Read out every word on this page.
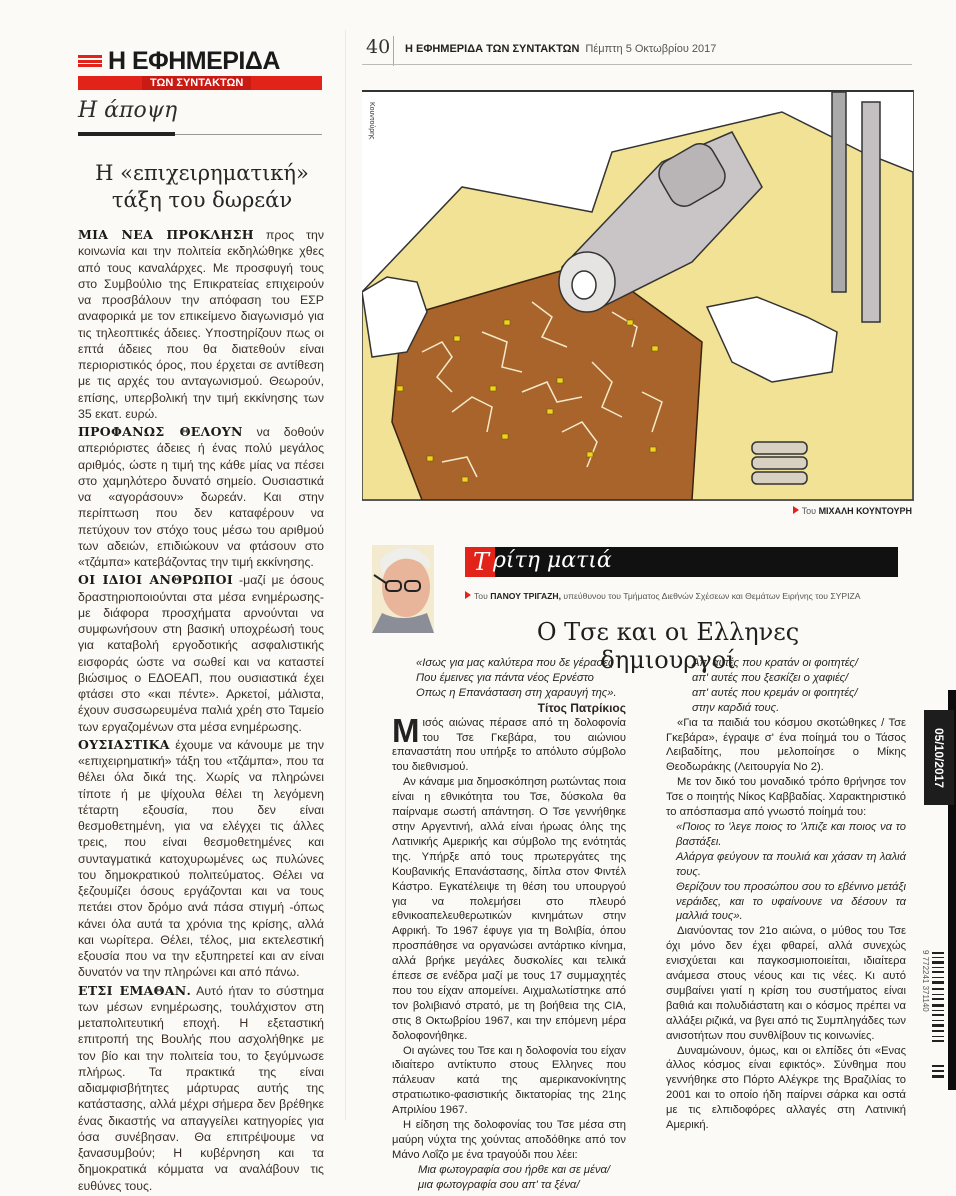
Η ΕΦΗΜΕΡΙΔΑ
ΤΩΝ ΣΥΝΤΑΚΤΩΝ
Η άποψη
Η «επιχειρηματική» τάξη του δωρεάν

ΜΙΑ ΝΕΑ ΠΡΟΚΛΗΣΗ προς την κοινωνία και την πολιτεία εκδηλώθηκε χθες από τους καναλάρχες. Με προσφυγή τους στο Συμβούλιο της Επικρατείας επιχειρούν να προσβάλουν την απόφαση του ΕΣΡ αναφορικά με τον επικείμενο διαγωνισμό για τις τηλεοπτικές άδειες. Υποστηρίζουν πως οι επτά άδειες που θα διατεθούν είναι περιοριστικός όρος, που έρχεται σε αντίθεση με τις αρχές του ανταγωνισμού. Θεωρούν, επίσης, υπερβολική την τιμή εκκίνησης των 35 εκατ. ευρώ.

ΠΡΟΦΑΝΩΣ ΘΕΛΟΥΝ να δοθούν απεριόριστες άδειες ή ένας πολύ μεγάλος αριθμός, ώστε η τιμή της κάθε μίας να πέσει στο χαμηλότερο δυνατό σημείο. Ουσιαστικά να «αγοράσουν» δωρεάν. Και στην περίπτωση που δεν καταφέρουν να πετύχουν τον στόχο τους μέσω του αριθμού των αδειών, επιδιώκουν να φτάσουν στο «τζάμπα» κατεβάζοντας την τιμή εκκίνησης.

ΟΙ ΙΔΙΟΙ ΑΝΘΡΩΠΟΙ -μαζί με όσους δραστηριοποιούνται στα μέσα ενημέρωσης- με διάφορα προσχήματα αρνούνται να συμφωνήσουν στη βασική υποχρέωσή τους για καταβολή εργοδοτικής ασφαλιστικής εισφοράς ώστε να σωθεί και να καταστεί βιώσιμος ο ΕΔΟΕΑΠ, που ουσιαστικά έχει φτάσει στο «και πέντε». Αρκετοί, μάλιστα, έχουν συσσωρευμένα παλιά χρέη στο Ταμείο των εργαζομένων στα μέσα ενημέρωσης.

ΟΥΣΙΑΣΤΙΚΑ έχουμε να κάνουμε με την «επιχειρηματική» τάξη του «τζάμπα», που τα θέλει όλα δικά της. Χωρίς να πληρώνει τίποτε ή με ψίχουλα θέλει τη λεγόμενη τέταρτη εξουσία, που δεν είναι θεσμοθετημένη, για να ελέγχει τις άλλες τρεις, που είναι θεσμοθετημένες και συνταγματικά κατοχυρωμένες ως πυλώνες του δημοκρατικού πολιτεύματος. Θέλει να ξεζουμίζει όσους εργάζονται και να τους πετάει στον δρόμο ανά πάσα στιγμή -όπως κάνει όλα αυτά τα χρόνια της κρίσης, αλλά και νωρίτερα. Θέλει, τέλος, μια εκτελεστική εξουσία που να την εξυπηρετεί και αν είναι δυνατόν να την πληρώνει και από πάνω.

ΕΤΣΙ ΕΜΑΘΑΝ. Αυτό ήταν το σύστημα των μέσων ενημέρωσης, τουλάχιστον στη μεταπολιτευτική εποχή. Η εξεταστική επιτροπή της Βουλής που ασχολήθηκε με τον βίο και την πολιτεία του, το ξεγύμνωσε πλήρως. Τα πρακτικά της είναι αδιαμφισβήτητες μάρτυρας αυτής της κατάστασης, αλλά μέχρι σήμερα δεν βρέθηκε ένας δικαστής να απαγγείλει κατηγορίες για όσα συνέβησαν. Θα επιτρέψουμε να ξανασυμβούν; Η κυβέρνηση και τα δημοκρατικά κόμματα να αναλάβουν τις ευθύνες τους.

40 Η ΕΦΗΜΕΡΙΔΑ ΤΩΝ ΣΥΝΤΑΚΤΩΝ Πέμπτη 5 Οκτωβρίου 2017
Κουντούρης
Του ΜΙΧΑΛΗ ΚΟΥΝΤΟΥΡΗ
Τ ρίτη ματιά
Του ΠΑΝΟΥ ΤΡΙΓΑΖΗ, υπεύθυνου του Τμήματος Διεθνών Σχέσεων και Θεμάτων Ειρήνης του ΣΥΡΙΖΑ
Ο Τσε και οι Ελληνες δημιουργοί
«Ισως για μας καλύτερα που δε γέρασες
Που έμεινες για πάντα νέος Ερνέστο
Οπως η Επανάσταση στη χαραυγή της».
Τίτος Πατρίκιος

Μισός αιώνας πέρασε από τη δολοφονία του Τσε Γκεβάρα, του αιώνιου επαναστάτη που υπήρξε το απόλυτο σύμβολο του διεθνισμού.

Αν κάναμε μια δημοσκόπηση ρωτώντας ποια είναι η εθνικότητα του Τσε, δύσκολα θα παίρναμε σωστή απάντηση. Ο Τσε γεννήθηκε στην Αργεντινή, αλλά είναι ήρωας όλης της Λατινικής Αμερικής και σύμβολο της ενότητάς της. Υπήρξε από τους πρωτεργάτες της Κουβανικής Επανάστασης, δίπλα στον Φιντέλ Κάστρο. Εγκατέλειψε τη θέση του υπουργού για να πολεμήσει στο πλευρό εθνικοαπελευθερωτικών κινημάτων στην Αφρική. Το 1967 έφυγε για τη Βολιβία, όπου προσπάθησε να οργανώσει αντάρτικο κίνημα, αλλά βρήκε μεγάλες δυσκολίες και τελικά έπεσε σε ενέδρα μαζί με τους 17 συμμαχητές που του είχαν απομείνει. Αιχμαλωτίστηκε από τον βολιβιανό στρατό, με τη βοήθεια της CIA, στις 8 Οκτωβρίου 1967, και την επόμενη μέρα δολοφονήθηκε.

Οι αγώνες του Τσε και η δολοφονία του είχαν ιδιαίτερο αντίκτυπο στους Ελληνες που πάλευαν κατά της αμερικανοκίνητης στρατιωτικο-φασιστικής δικτατορίας της 21ης Απριλίου 1967.

Η είδηση της δολοφονίας του Τσε μέσα στη μαύρη νύχτα της χούντας αποδόθηκε από τον Μάνο Λοΐζο με ένα τραγούδι που λέει:

Μια φωτογραφία σου ήρθε και σε μένα/
μια φωτογραφία σου απ' τα ξένα/
Απ' αυτές που κρατάν οι φοιτητές/
απ' αυτές που ξεσκίζει ο χαφιές/
απ' αυτές που κρεμάν οι φοιτητές/
στην καρδιά τους.

«Για τα παιδιά του κόσμου σκοτώθηκες / Τσε Γκεβάρα», έγραψε σ' ένα ποίημά του ο Τάσος Λειβαδίτης, που μελοποίησε ο Μίκης Θεοδωράκης (Λειτουργία Νο 2).

Με τον δικό του μοναδικό τρόπο θρήνησε τον Τσε ο ποιητής Νίκος Καββαδίας. Χαρακτηριστικό το απόσπασμα από γνωστό ποίημά του:

«Ποιος το 'λεγε ποιος το 'λπιζε και ποιος να το βαστάξει.
Αλάργα φεύγουν τα πουλιά και χάσαν τη λαλιά τους.
Θερίζουν του προσώπου σου το εβένινο μετάξι νεράιδες, και το υφαίνουνε να δέσουν τα μαλλιά τους».

Διανύοντας τον 21ο αιώνα, ο μύθος του Τσε όχι μόνο δεν έχει φθαρεί, αλλά συνεχώς ενισχύεται και παγκοσμιοποιείται, ιδιαίτερα ανάμεσα στους νέους και τις νέες. Κι αυτό συμβαίνει γιατί η κρίση του συστήματος είναι βαθιά και πολυδιάστατη και ο κόσμος πρέπει να αλλάξει ριζικά, να βγει από τις Συμπληγάδες των ανισοτήτων που συνθλίβουν τις κοινωνίες.

Δυναμώνουν, όμως, και οι ελπίδες ότι «Ενας άλλος κόσμος είναι εφικτός». Σύνθημα που γεννήθηκε στο Πόρτο Αλέγκρε της Βραζιλίας το 2001 και το οποίο ήδη παίρνει σάρκα και οστά με τις ελπιδοφόρες αλλαγές στη Λατινική Αμερική.

05/10/2017
9 772241 371140
